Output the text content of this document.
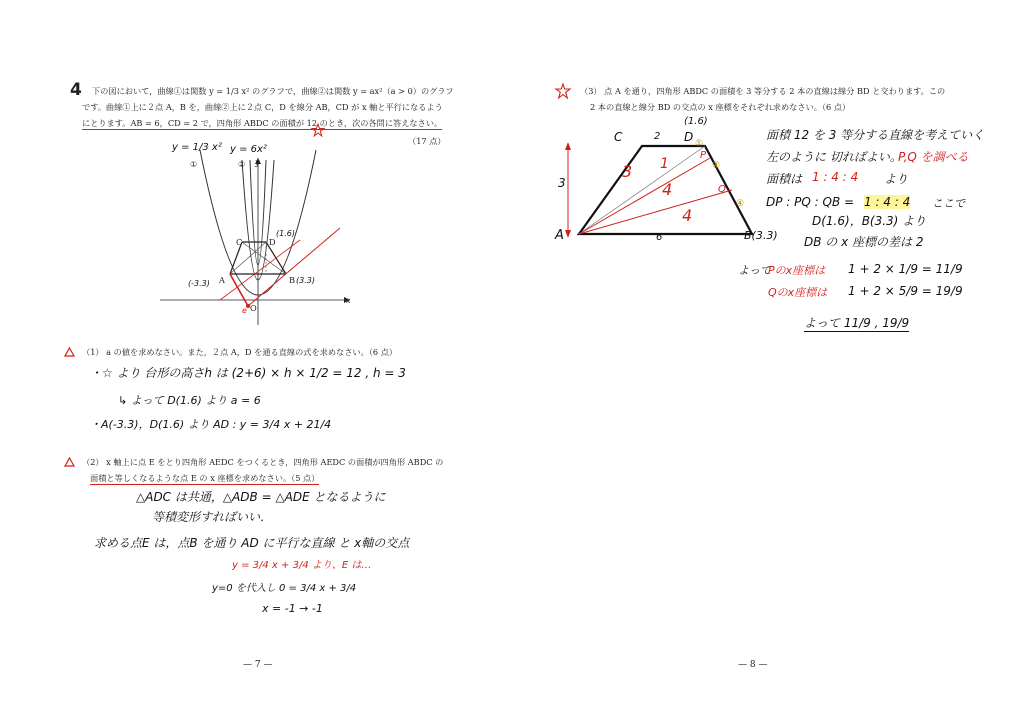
4 下の図において，曲線①は関数 y = 1/3 x² のグラフで，曲線②は関数 y = ax²（a > 0）のグラフ
です。曲線①上に２点 A，B を，曲線②上に２点 C，D を線分 AB，CD が x 軸と平行になるよう
にとります。AB = 6，CD = 2 で，四角形 ABDC の面積が 12 のとき，次の各問に答えなさい。
（17 点）
y = 1/3 x² y = 6x²
①	② y
x
O
C	D
A	B
(1.6)
(-3.3)	(3.3)
e
（1） a の値を求めなさい。また，２点 A，D を通る直線の式を求めなさい。（6 点）
・☆ より 台形の高さh は (2+6) × h × 1/2 = 12 , h = 3
↳ よって D(1.6) より a = 6
・A(-3.3)，D(1.6) より AD : y = 3/4 x + 21/4
（2） x 軸上に点 E をとり四角形 AEDC をつくるとき，四角形 AEDC の面積が四角形 ABDC の
面積と等しくなるような点 E の x 座標を求めなさい。（5 点）
△ADC は共通，△ADB = △ADE となるように
等積変形すればいい．
求める点E は，点B を通り AD に平行な直線 と x軸の交点
y = 3/4 x + 3/4 より、E は…
y=0 を代入し 0 = 3/4 x + 3/4
x = -1 → -1
— 7 —
（3） 点 A を通り，四角形 ABDC の面積を 3 等分する 2 本の直線は線分 BD と交わります。この
2 本の直線と線分 BD の交点の x 座標をそれぞれ求めなさい。（6 点）
(1.6)
C	D
2
A	B(3.3)
3
6
3 1
4
4
P
Q
①
④
④
面積 12 を 3 等分する直線を考えていく
左のように 切ればよい。
P,Q を調べる
面積は 1 : 4 : 4 より
DP : PQ : QB = 1 : 4 : 4 ここで
D(1.6)，B(3.3) より
DB の x 座標の差は 2
よって
Pのx座標は 1 + 2 × 1/9 = 11/9
Qのx座標は 1 + 2 × 5/9 = 19/9
よって 11/9 , 19/9
— 8 —
